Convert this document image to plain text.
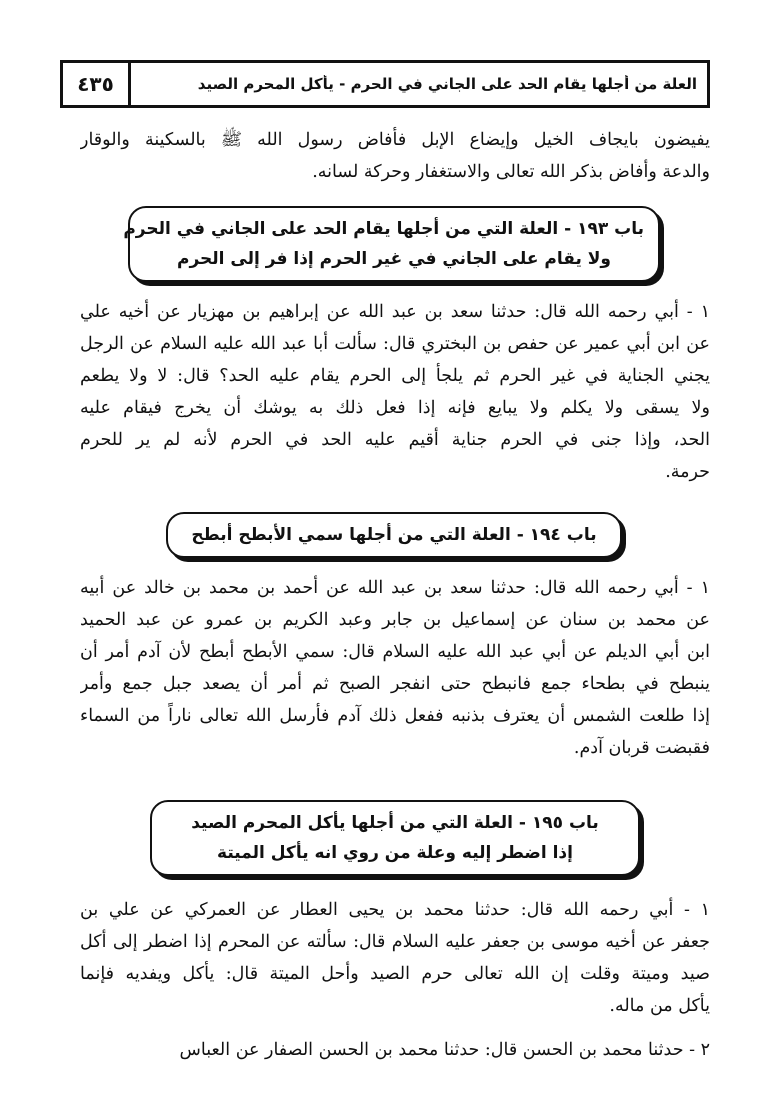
العلة من أجلها يقام الحد على الجاني في الحرم - يأكل المحرم الصيد
٤٣٥

يفيضون بايجاف الخيل وإيضاع الإبل فأفاض رسول الله ﷺ بالسكينة والوقار
والدعة وأفاض بذكر الله تعالى والاستغفار وحركة لسانه.

باب ١٩٣ - العلة التي من أجلها يقام الحد على الجاني في الحرم
ولا يقام على الجاني في غير الحرم إذا فر إلى الحرم

١ - أبي رحمه الله قال: حدثنا سعد بن عبد الله عن إبراهيم بن مهزيار عن أخيه علي
عن ابن أبي عمير عن حفص بن البختري قال: سألت أبا عبد الله عليه السلام عن الرجل
يجني الجناية في غير الحرم ثم يلجأ إلى الحرم يقام عليه الحد؟ قال: لا ولا يطعم
ولا يسقى ولا يكلم ولا يبايع فإنه إذا فعل ذلك به يوشك أن يخرج فيقام عليه
الحد، وإذا جنى في الحرم جناية أقيم عليه الحد في الحرم لأنه لم ير للحرم
حرمة.

باب ١٩٤ - العلة التي من أجلها سمي الأبطح أبطح

١ - أبي رحمه الله قال: حدثنا سعد بن عبد الله عن أحمد بن محمد بن خالد عن أبيه
عن محمد بن سنان عن إسماعيل بن جابر وعبد الكريم بن عمرو عن عبد الحميد
ابن أبي الديلم عن أبي عبد الله عليه السلام قال: سمي الأبطح أبطح لأن آدم أمر أن
ينبطح في بطحاء جمع فانبطح حتى انفجر الصبح ثم أمر أن يصعد جبل جمع وأمر
إذا طلعت الشمس أن يعترف بذنبه ففعل ذلك آدم فأرسل الله تعالى ناراً من السماء
فقبضت قربان آدم.

باب ١٩٥ - العلة التي من أجلها يأكل المحرم الصيد
إذا اضطر إليه وعلة من روي انه يأكل الميتة

١ - أبي رحمه الله قال: حدثنا محمد بن يحيى العطار عن العمركي عن علي بن
جعفر عن أخيه موسى بن جعفر عليه السلام قال: سألته عن المحرم إذا اضطر إلى أكل
صيد وميتة وقلت إن الله تعالى حرم الصيد وأحل الميتة قال: يأكل ويفديه فإنما
يأكل من ماله.

٢ - حدثنا محمد بن الحسن قال: حدثنا محمد بن الحسن الصفار عن العباس
